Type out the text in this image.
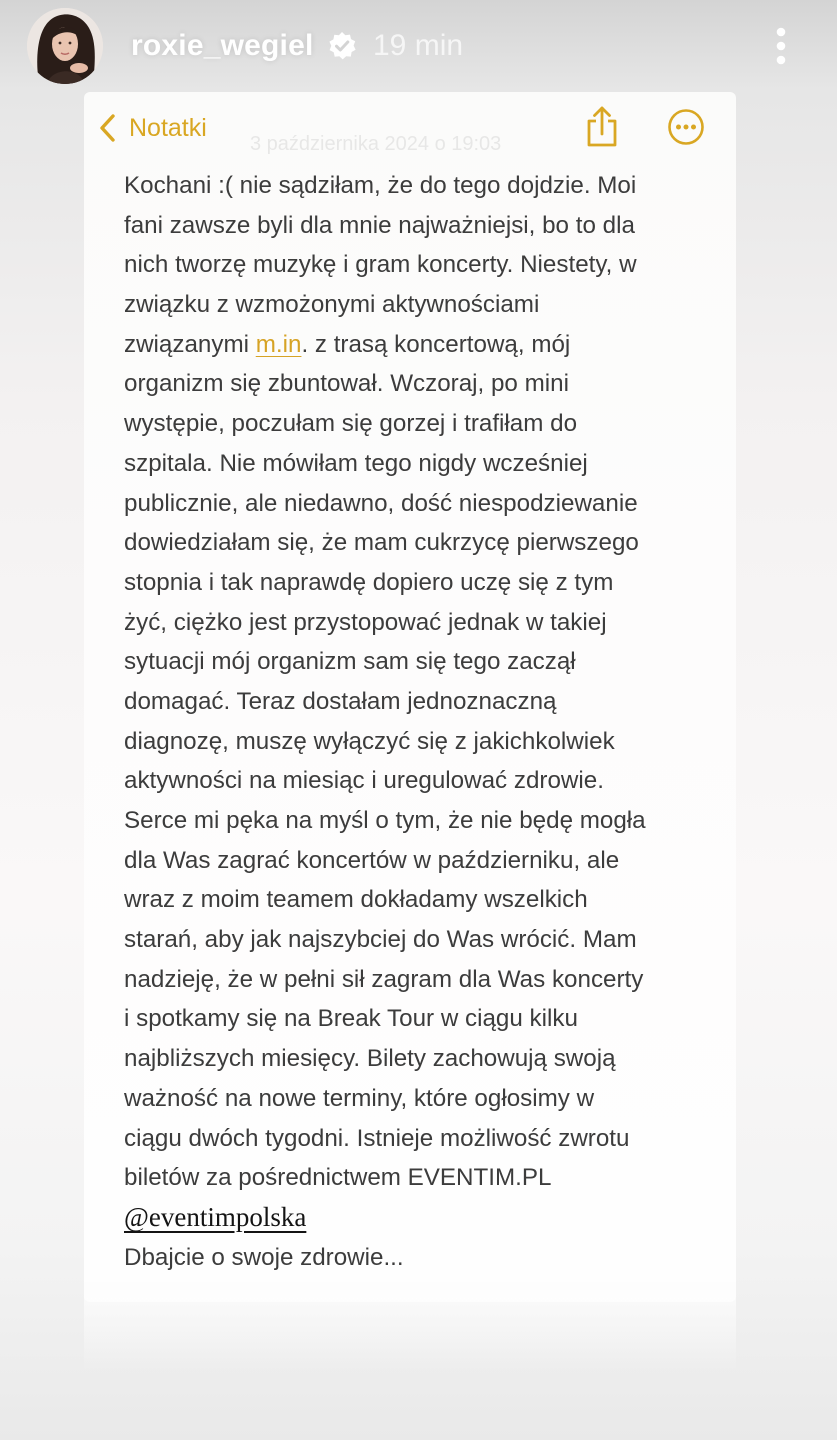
roxie_wegiel 19 min
Notatki
3 października 2024 o 19:03
Kochani :( nie sądziłam, że do tego dojdzie. Moi
fani zawsze byli dla mnie najważniejsi, bo to dla
nich tworzę muzykę i gram koncerty. Niestety, w
związku z wzmożonymi aktywnościami
związanymi m.in. z trasą koncertową, mój
organizm się zbuntował. Wczoraj, po mini
występie, poczułam się gorzej i trafiłam do
szpitala. Nie mówiłam tego nigdy wcześniej
publicznie, ale niedawno, dość niespodziewanie
dowiedziałam się, że mam cukrzycę pierwszego
stopnia i tak naprawdę dopiero uczę się z tym
żyć, ciężko jest przystopować jednak w takiej
sytuacji mój organizm sam się tego zaczął
domagać. Teraz dostałam jednoznaczną
diagnozę, muszę wyłączyć się z jakichkolwiek
aktywności na miesiąc i uregulować zdrowie.
Serce mi pęka na myśl o tym, że nie będę mogła
dla Was zagrać koncertów w październiku, ale
wraz z moim teamem dokładamy wszelkich
starań, aby jak najszybciej do Was wrócić. Mam
nadzieję, że w pełni sił zagram dla Was koncerty
i spotkamy się na Break Tour w ciągu kilku
najbliższych miesięcy. Bilety zachowują swoją
ważność na nowe terminy, które ogłosimy w
ciągu dwóch tygodni. Istnieje możliwość zwrotu
biletów za pośrednictwem EVENTIM.PL
@eventimpolska
Dbajcie o swoje zdrowie...
